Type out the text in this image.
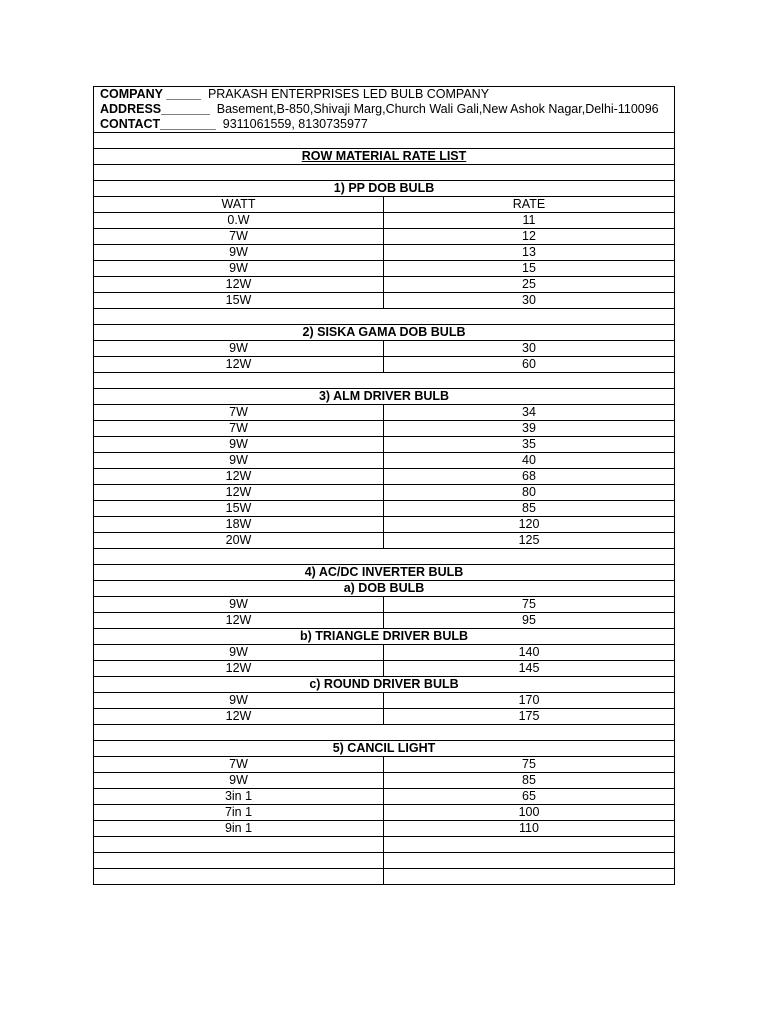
COMPANY _____ PRAKASH ENTERPRISES LED BULB COMPANY	
ADDRESS_______ Basement,B-850,Shivaji Marg,Church Wali Gali,New Ashok Nagar,Delhi-110096	
CONTACT________ 9311061559, 8130735977	

ROW MATERIAL RATE LIST	

1) PP DOB BULB	
WATT	RATE
0.W	11
7W	12
9W	13
9W	15
12W	25
15W	30

2) SISKA GAMA DOB BULB	
9W	30
12W	60

3) ALM DRIVER BULB	
7W	34
7W	39
9W	35
9W	40
12W	68
12W	80
15W	85
18W	120
20W	125

4) AC/DC INVERTER BULB	
a) DOB BULB	
9W	75
12W	95
b) TRIANGLE DRIVER BULB	
9W	140
12W	145
c) ROUND DRIVER BULB	
9W	170
12W	175

5) CANCIL LIGHT	
7W	75
9W	85
3in 1	65
7in 1	100
9in 1	110
